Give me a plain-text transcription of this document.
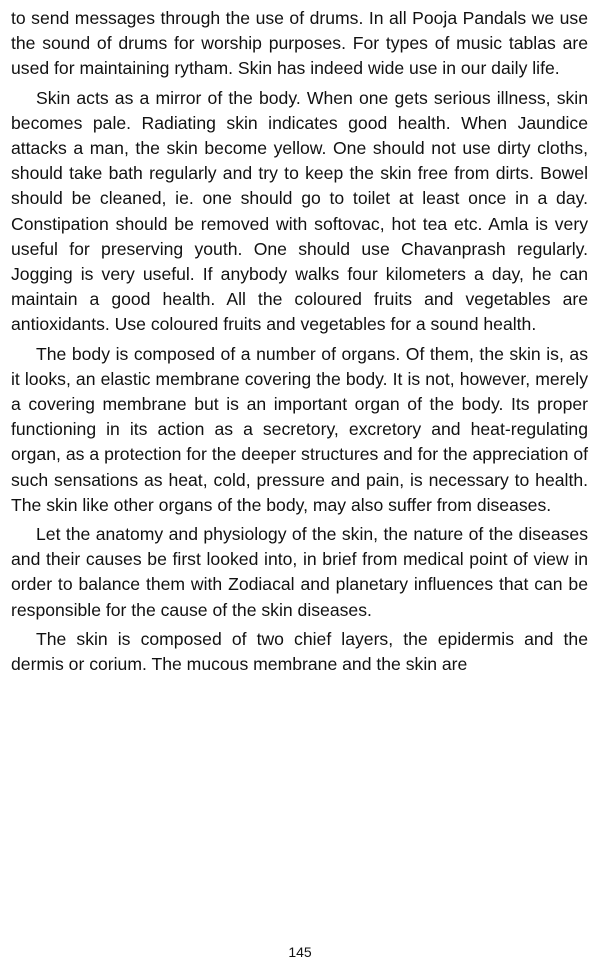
to send messages through the use of drums. In all Pooja Pandals we use the sound of drums for worship purposes. For types of music tablas are used for maintaining rytham. Skin has indeed wide use in our daily life.

Skin acts as a mirror of the body. When one gets serious illness, skin becomes pale. Radiating skin indicates good health. When Jaundice attacks a man, the skin become yellow. One should not use dirty cloths, should take bath regularly and try to keep the skin free from dirts. Bowel should be cleaned, ie. one should go to toilet at least once in a day. Constipation should be removed with softovac, hot tea etc. Amla is very useful for preserving youth. One should use Chavanprash regularly. Jogging is very useful. If anybody walks four kilometers a day, he can maintain a good health. All the coloured fruits and vegetables are antioxidants. Use coloured fruits and vegetables for a sound health.

The body is composed of a number of organs. Of them, the skin is, as it looks, an elastic membrane covering the body. It is not, however, merely a covering membrane but is an important organ of the body. Its proper functioning in its action as a secretory, excretory and heat-regulating organ, as a protection for the deeper structures and for the appreciation of such sensations as heat, cold, pressure and pain, is necessary to health. The skin like other organs of the body, may also suffer from diseases.

Let the anatomy and physiology of the skin, the nature of the diseases and their causes be first looked into, in brief from medical point of view in order to balance them with Zodiacal and planetary influences that can be responsible for the cause of the skin diseases.

The skin is composed of two chief layers, the epidermis and the dermis or corium. The mucous membrane and the skin are

145
